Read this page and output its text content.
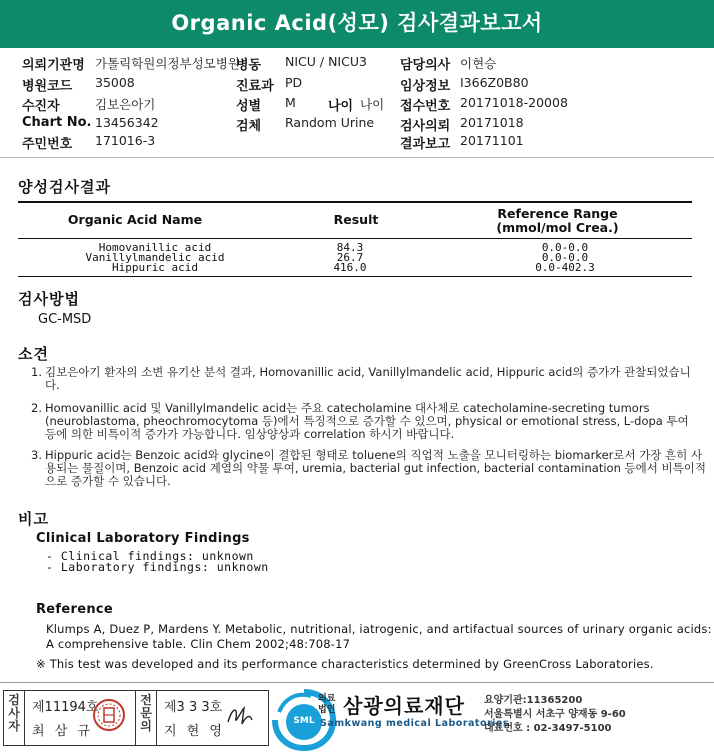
Organic Acid(성모) 검사결과보고서
의뢰기관명 가톨릭학원의정부성모병원
병동 NICU / NICU3	담당의사 이현승
병원코드 35008	진료과 PD	임상정보 I366Z0B80
수진자	김보은아기	성별 M 나이 나이 접수번호 20171018-20008
Chart No. 13456342	검체 Random Urine 검사의뢰 20171018
주민번호 171016-3	결과보고 20171101
양성검사결과
Organic Acid Name	Result	Reference Range
(mmol/mol Crea.)
Homovanillic acid	84.3	0.0-0.0
Vanillylmandelic acid	26.7	0.0-0.0
Hippuric acid	416.0	0.0-402.3
검사방법
GC-MSD
소견
1. 김보은아기 환자의 소변 유기산 분석 결과, Homovanillic acid, Vanillylmandelic acid, Hippuric acid의 증가가 관찰되었습니다.
2. Homovanillic acid 및 Vanillylmandelic acid는 주요 catecholamine 대사체로 catecholamine-secreting tumors (neuroblastoma, pheochromocytoma 등)에서 특징적으로 증가할 수 있으며, physical or emotional stress, L-dopa 투여 등에 의한 비특이적 증가가 가능합니다. 임상양상과 correlation 하시기 바랍니다.
3. Hippuric acid는 Benzoic acid와 glycine이 결합된 형태로 toluene의 직업적 노출을 모니터링하는 biomarker로서 가장 흔히 사용되는 물질이며, Benzoic acid 계열의 약물 투여, uremia, bacterial gut infection, bacterial contamination 등에서 비특이적으로 증가할 수 있습니다.
비고
Clinical Laboratory Findings
- Clinical findings: unknown
- Laboratory findings: unknown
Reference
Klumps A, Duez P, Mardens Y. Metabolic, nutritional, iatrogenic, and artifactual sources of urinary organic acids:
A comprehensive table. Clin Chem 2002;48:708-17
※ This test was developed and its performance characteristics determined by GreenCross Laboratories.
검
사
자
제11194호
최 삼 규
전
문
의
제3 3 3호
지 현 영
SML
의료
법인 삼광의료재단
Samkwang medical Laboratories
요양기관:11365200
서울특별시 서초구 양재동 9-60
대표번호 : 02-3497-5100
